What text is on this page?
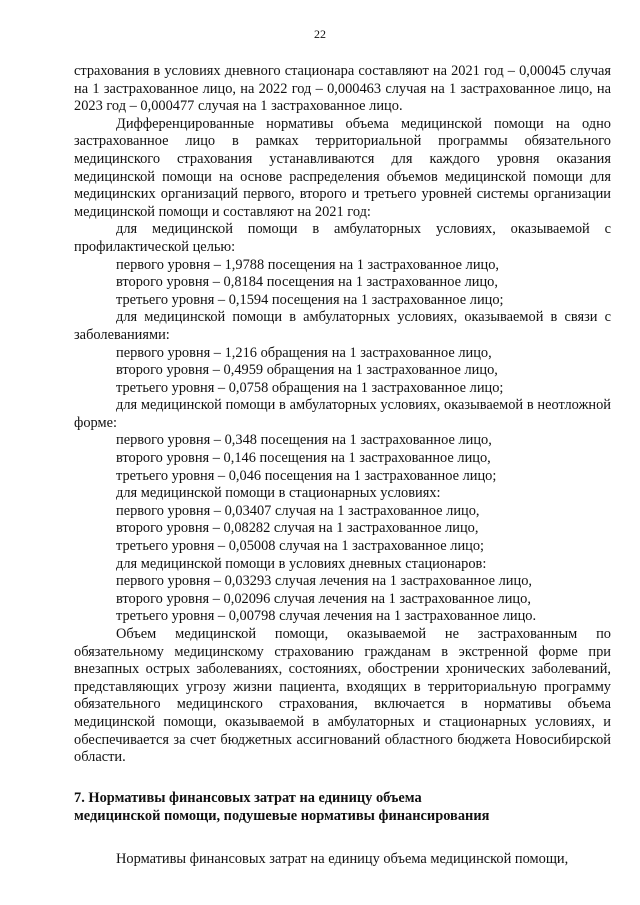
22

страхования в условиях дневного стационара составляют на 2021 год – 0,00045 случая на 1 застрахованное лицо, на 2022 год – 0,000463 случая на 1 застрахованное лицо, на 2023 год – 0,000477 случая на 1 застрахованное лицо.

Дифференцированные нормативы объема медицинской помощи на одно застрахованное лицо в рамках территориальной программы обязательного медицинского страхования устанавливаются для каждого уровня оказания медицинской помощи на основе распределения объемов медицинской помощи для медицинских организаций первого, второго и третьего уровней системы организации медицинской помощи и составляют на 2021 год:

для медицинской помощи в амбулаторных условиях, оказываемой с профилактической целью:

первого уровня – 1,9788 посещения на 1 застрахованное лицо,

второго уровня – 0,8184 посещения на 1 застрахованное лицо,

третьего уровня – 0,1594 посещения на 1 застрахованное лицо;

для медицинской помощи в амбулаторных условиях, оказываемой в связи с заболеваниями:

первого уровня – 1,216 обращения на 1 застрахованное лицо,

второго уровня – 0,4959 обращения на 1 застрахованное лицо,

третьего уровня – 0,0758 обращения на 1 застрахованное лицо;

для медицинской помощи в амбулаторных условиях, оказываемой в неотложной форме:

первого уровня – 0,348 посещения на 1 застрахованное лицо,

второго уровня – 0,146 посещения на 1 застрахованное лицо,

третьего уровня – 0,046 посещения на 1 застрахованное лицо;

для медицинской помощи в стационарных условиях:

первого уровня – 0,03407 случая на 1 застрахованное лицо,

второго уровня – 0,08282 случая на 1 застрахованное лицо,

третьего уровня – 0,05008 случая на 1 застрахованное лицо;

для медицинской помощи в условиях дневных стационаров:

первого уровня – 0,03293 случая лечения на 1 застрахованное лицо,

второго уровня – 0,02096 случая лечения на 1 застрахованное лицо,

третьего уровня – 0,00798 случая лечения на 1 застрахованное лицо.

Объем медицинской помощи, оказываемой не застрахованным по обязательному медицинскому страхованию гражданам в экстренной форме при внезапных острых заболеваниях, состояниях, обострении хронических заболеваний, представляющих угрозу жизни пациента, входящих в территориальную программу обязательного медицинского страхования, включается в нормативы объема медицинской помощи, оказываемой в амбулаторных и стационарных условиях, и обеспечивается за счет бюджетных ассигнований областного бюджета Новосибирской области.

7. Нормативы финансовых затрат на единицу объема

медицинской помощи, подушевые нормативы финансирования

Нормативы финансовых затрат на единицу объема медицинской помощи,
